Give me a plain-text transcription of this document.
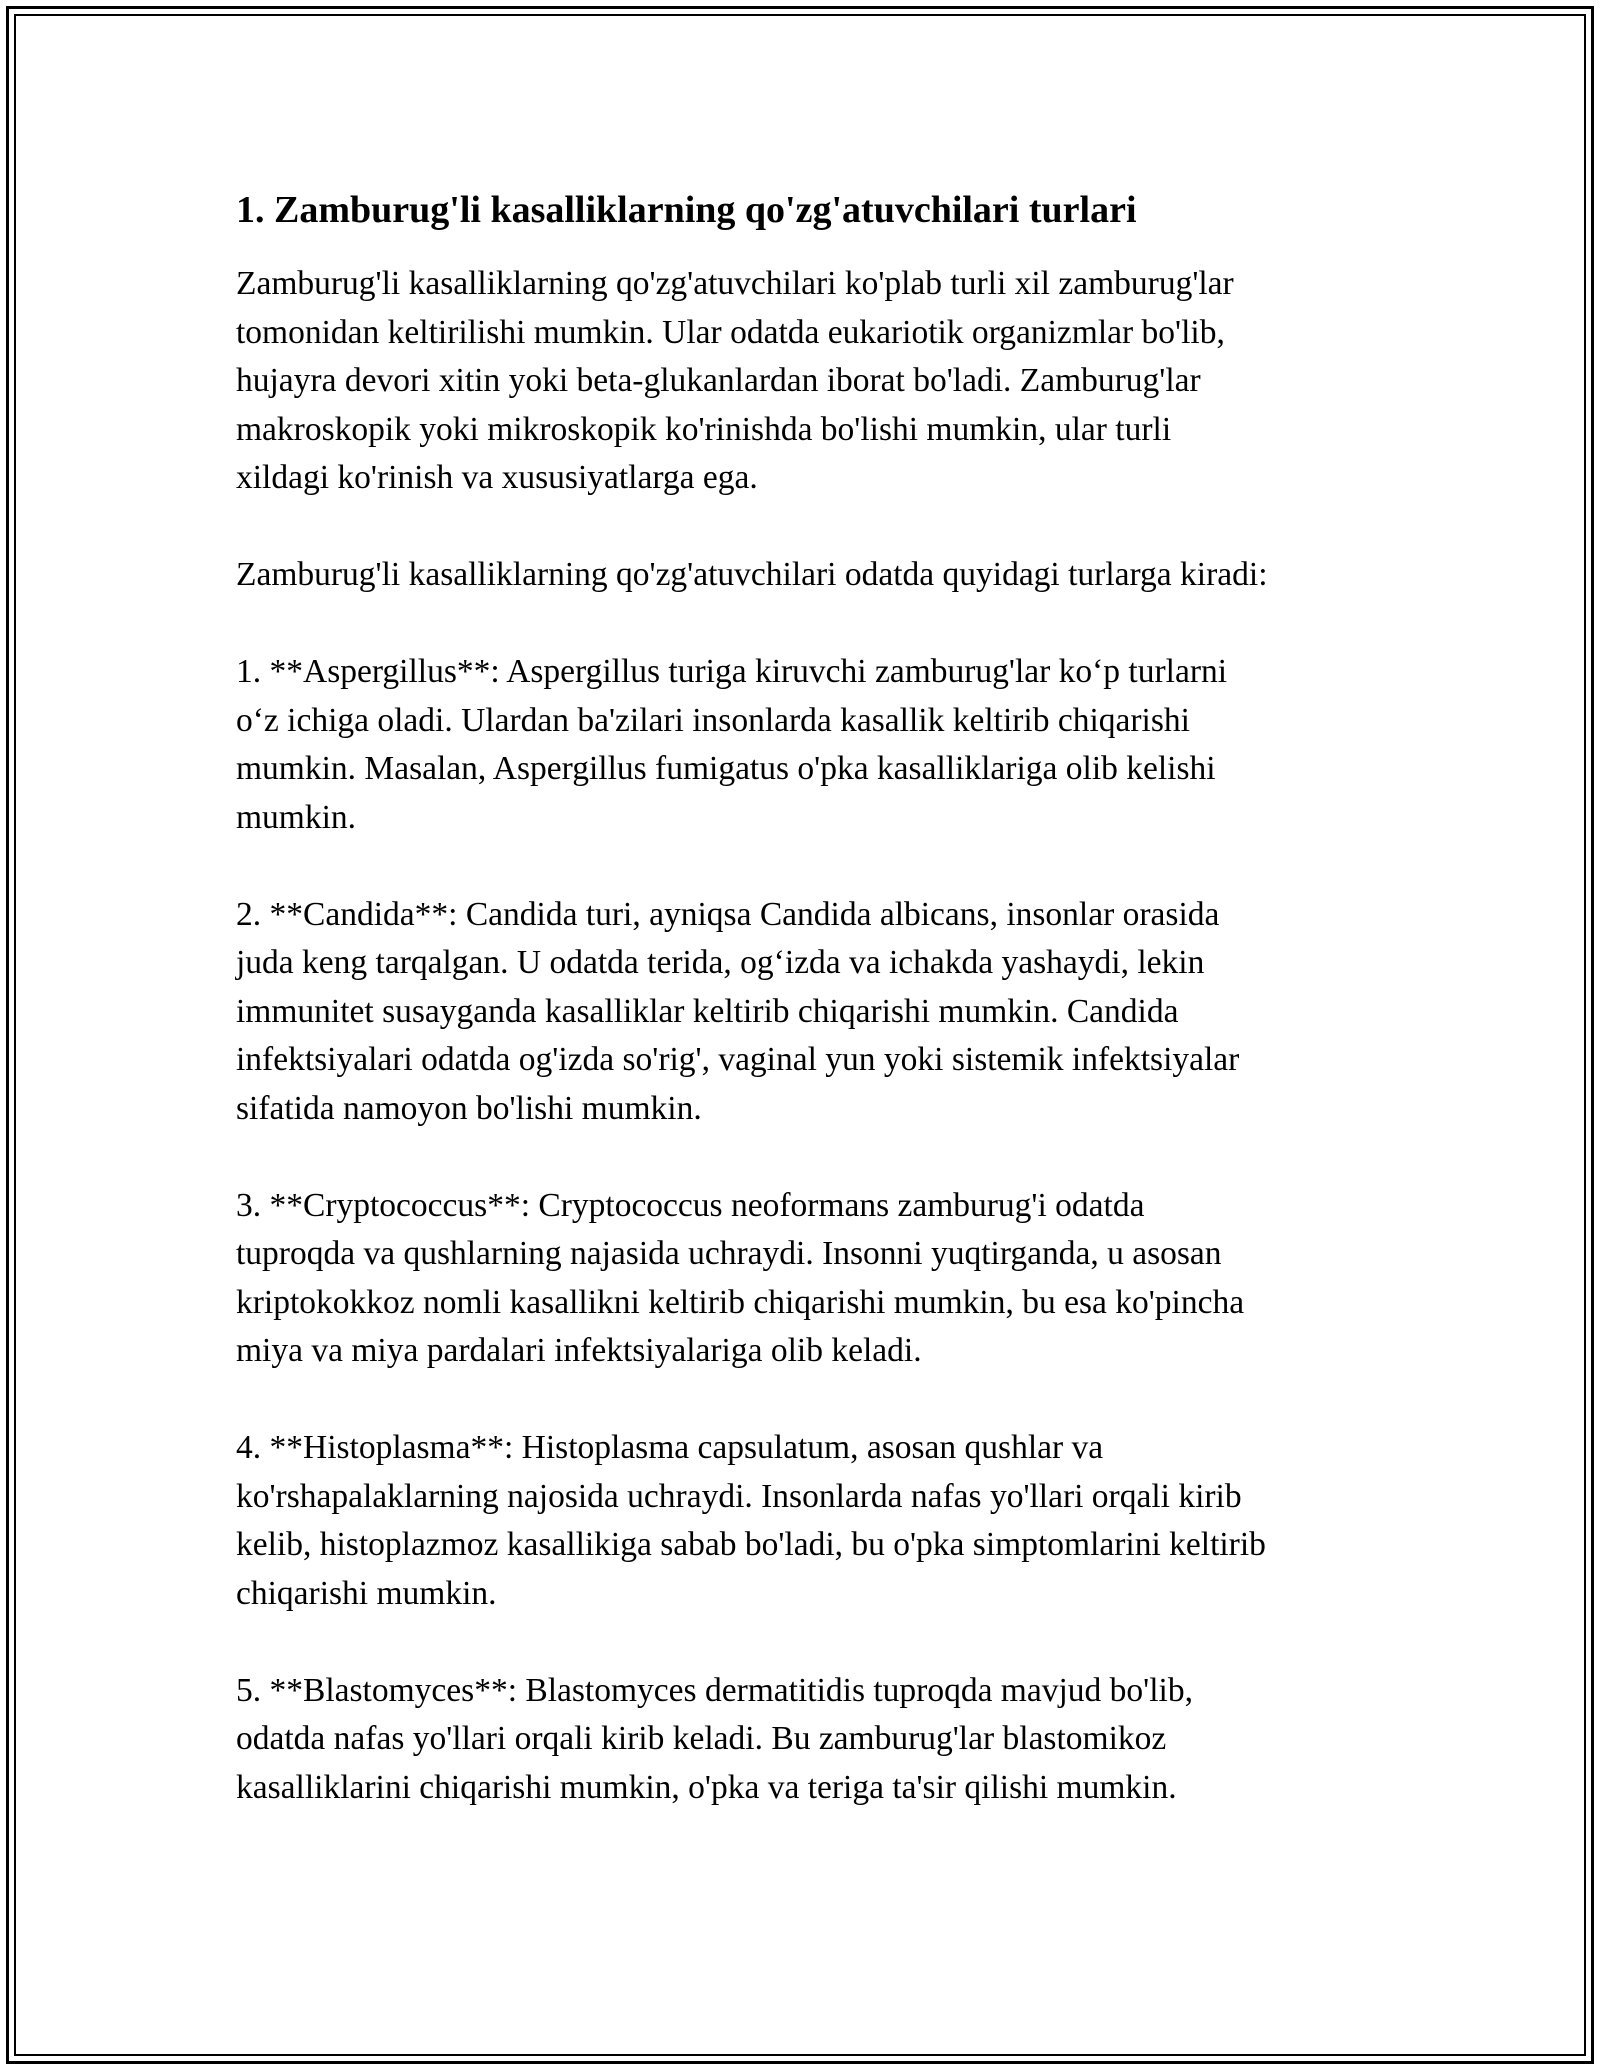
1. Zamburug'li kasalliklarning qo'zg'atuvchilari turlari

Zamburug'li kasalliklarning qo'zg'atuvchilari ko'plab turli xil zamburug'lar
tomonidan keltirilishi mumkin. Ular odatda eukariotik organizmlar bo'lib,
hujayra devori xitin yoki beta-glukanlardan iborat bo'ladi. Zamburug'lar
makroskopik yoki mikroskopik ko'rinishda bo'lishi mumkin, ular turli
xildagi ko'rinish va xususiyatlarga ega.

Zamburug'li kasalliklarning qo'zg'atuvchilari odatda quyidagi turlarga kiradi:

1. **Aspergillus**: Aspergillus turiga kiruvchi zamburug'lar ko‘p turlarni
o‘z ichiga oladi. Ulardan ba'zilari insonlarda kasallik keltirib chiqarishi
mumkin. Masalan, Aspergillus fumigatus o'pka kasalliklariga olib kelishi
mumkin.

2. **Candida**: Candida turi, ayniqsa Candida albicans, insonlar orasida
juda keng tarqalgan. U odatda terida, og‘izda va ichakda yashaydi, lekin
immunitet susayganda kasalliklar keltirib chiqarishi mumkin. Candida
infektsiyalari odatda og'izda so'rig', vaginal yun yoki sistemik infektsiyalar
sifatida namoyon bo'lishi mumkin.

3. **Cryptococcus**: Cryptococcus neoformans zamburug'i odatda
tuproqda va qushlarning najasida uchraydi. Insonni yuqtirganda, u asosan
kriptokokkoz nomli kasallikni keltirib chiqarishi mumkin, bu esa ko'pincha
miya va miya pardalari infektsiyalariga olib keladi.

4. **Histoplasma**: Histoplasma capsulatum, asosan qushlar va
ko'rshapalaklarning najosida uchraydi. Insonlarda nafas yo'llari orqali kirib
kelib, histoplazmoz kasallikiga sabab bo'ladi, bu o'pka simptomlarini keltirib
chiqarishi mumkin.

5. **Blastomyces**: Blastomyces dermatitidis tuproqda mavjud bo'lib,
odatda nafas yo'llari orqali kirib keladi. Bu zamburug'lar blastomikoz
kasalliklarini chiqarishi mumkin, o'pka va teriga ta'sir qilishi mumkin.
